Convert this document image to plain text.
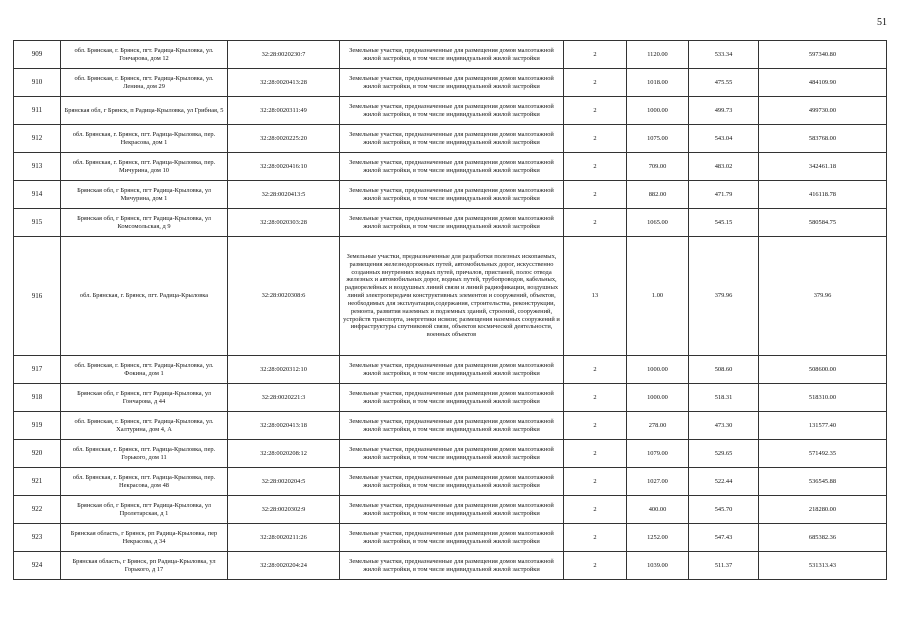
51
909	обл. Брянская, г. Брянск, пгт. Радица-Крыловка, ул. Гончарова, дом 12	32:28:0020230:7	Земельные участки, предназначенные для размещения домов малоэтажной жилой застройки, в том числе индивидуальной жилой застройки	2	1120.00	533.34	597340.80
910	обл. Брянская, г. Брянск, пгт. Радица-Крыловка, ул. Ленина, дом 29	32:28:0020413:28	Земельные участки, предназначенные для размещения домов малоэтажной жилой застройки, в том числе индивидуальной жилой застройки	2	1018.00	475.55	484109.90
911	Брянская обл, г Брянск, п Радица-Крыловка, ул Грибная, 5	32:28:0020311:49	Земельные участки, предназначенные для размещения домов малоэтажной жилой застройки, в том числе индивидуальной жилой застройки	2	1000.00	499.73	499730.00
912	обл. Брянская, г. Брянск, пгт. Радица-Крыловка, пер. Некрасова, дом 1	32:28:0020225:20	Земельные участки, предназначенные для размещения домов малоэтажной жилой застройки, в том числе индивидуальной жилой застройки	2	1075.00	543.04	583768.00
913	обл. Брянская, г. Брянск, пгт. Радица-Крыловка, пер. Мичурина, дом 10	32:28:0020416:10	Земельные участки, предназначенные для размещения домов малоэтажной жилой застройки, в том числе индивидуальной жилой застройки	2	709.00	483.02	342461.18
914	Брянская обл, г Брянск, пгт Радица-Крыловка, ул Мичурина, дом 1	32:28:0020413:5	Земельные участки, предназначенные для размещения домов малоэтажной жилой застройки, в том числе индивидуальной жилой застройки	2	882.00	471.79	416118.78
915	Брянская обл, г Брянск, пгт Радица-Крыловка, ул Комсомольская, д 9	32:28:0020303:28	Земельные участки, предназначенные для размещения домов малоэтажной жилой застройки, в том числе индивидуальной жилой застройки	2	1065.00	545.15	580584.75
916	обл. Брянская, г. Брянск, пгт. Радица-Крыловка	32:28:0020308:6	Земельные участки, предназначенные для разработки полезных ископаемых, размещения железнодорожных путей, автомобильных дорог, искусственно созданных внутренних водных путей, причалов, пристаней, полос отвода железных и автомобильных дорог, водных путей, трубопроводов, кабельных, радиорелейных и воздушных линий связи и линий радиофикации, воздушных линий электропередачи конструктивных элементов и сооружений, объектов, необходимых для эксплуатации,содержания, строительства, реконструкции, ремонта, развития наземных и подземных зданий, строений, сооружений, устройств транспорта, энергетики исвязи; размещения наземных сооружений и инфраструктуры спутниковой связи, объектов космической деятельности, военных объектов	13	1.00	379.96	379.96
917	обл. Брянская, г. Брянск, пгт. Радица-Крыловка, ул. Фокина, дом 1	32:28:0020312:10	Земельные участки, предназначенные для размещения домов малоэтажной жилой застройки, в том числе индивидуальной жилой застройки	2	1000.00	508.60	508600.00
918	Брянская обл, г Брянск, пгт Радица-Крыловка, ул Гончарова, д 44	32:28:0020221:3	Земельные участки, предназначенные для размещения домов малоэтажной жилой застройки, в том числе индивидуальной жилой застройки	2	1000.00	518.31	518310.00
919	обл. Брянская, г. Брянск, пгт. Радица-Крыловка, ул. Халтурина, дом 4, А	32:28:0020413:18	Земельные участки, предназначенные для размещения домов малоэтажной жилой застройки, в том числе индивидуальной жилой застройки	2	278.00	473.30	131577.40
920	обл. Брянская, г. Брянск, пгт. Радица-Крыловка, пер. Горького, дом 11	32:28:0020208:12	Земельные участки, предназначенные для размещения домов малоэтажной жилой застройки, в том числе индивидуальной жилой застройки	2	1079.00	529.65	571492.35
921	обл. Брянская, г. Брянск, пгт. Радица-Крыловка, пер. Некрасова, дом 48	32:28:0020204:5	Земельные участки, предназначенные для размещения домов малоэтажной жилой застройки, в том числе индивидуальной жилой застройки	2	1027.00	522.44	536545.88
922	Брянская обл, г Брянск, пгт Радица-Крыловка, ул Пролетарская, д 1	32:28:0020302:9	Земельные участки, предназначенные для размещения домов малоэтажной жилой застройки, в том числе индивидуальной жилой застройки	2	400.00	545.70	218280.00
923	Брянская область, г Брянск, рп Радица-Крыловка, пер Некрасова, д 34	32:28:0020211:26	Земельные участки, предназначенные для размещения домов малоэтажной жилой застройки, в том числе индивидуальной жилой застройки	2	1252.00	547.43	685382.36
924	Брянская область, г Брянск, рп Радица-Крыловка, ул Горького, д 17	32:28:0020204:24	Земельные участки, предназначенные для размещения домов малоэтажной жилой застройки, в том числе индивидуальной жилой застройки	2	1039.00	511.37	531313.43
